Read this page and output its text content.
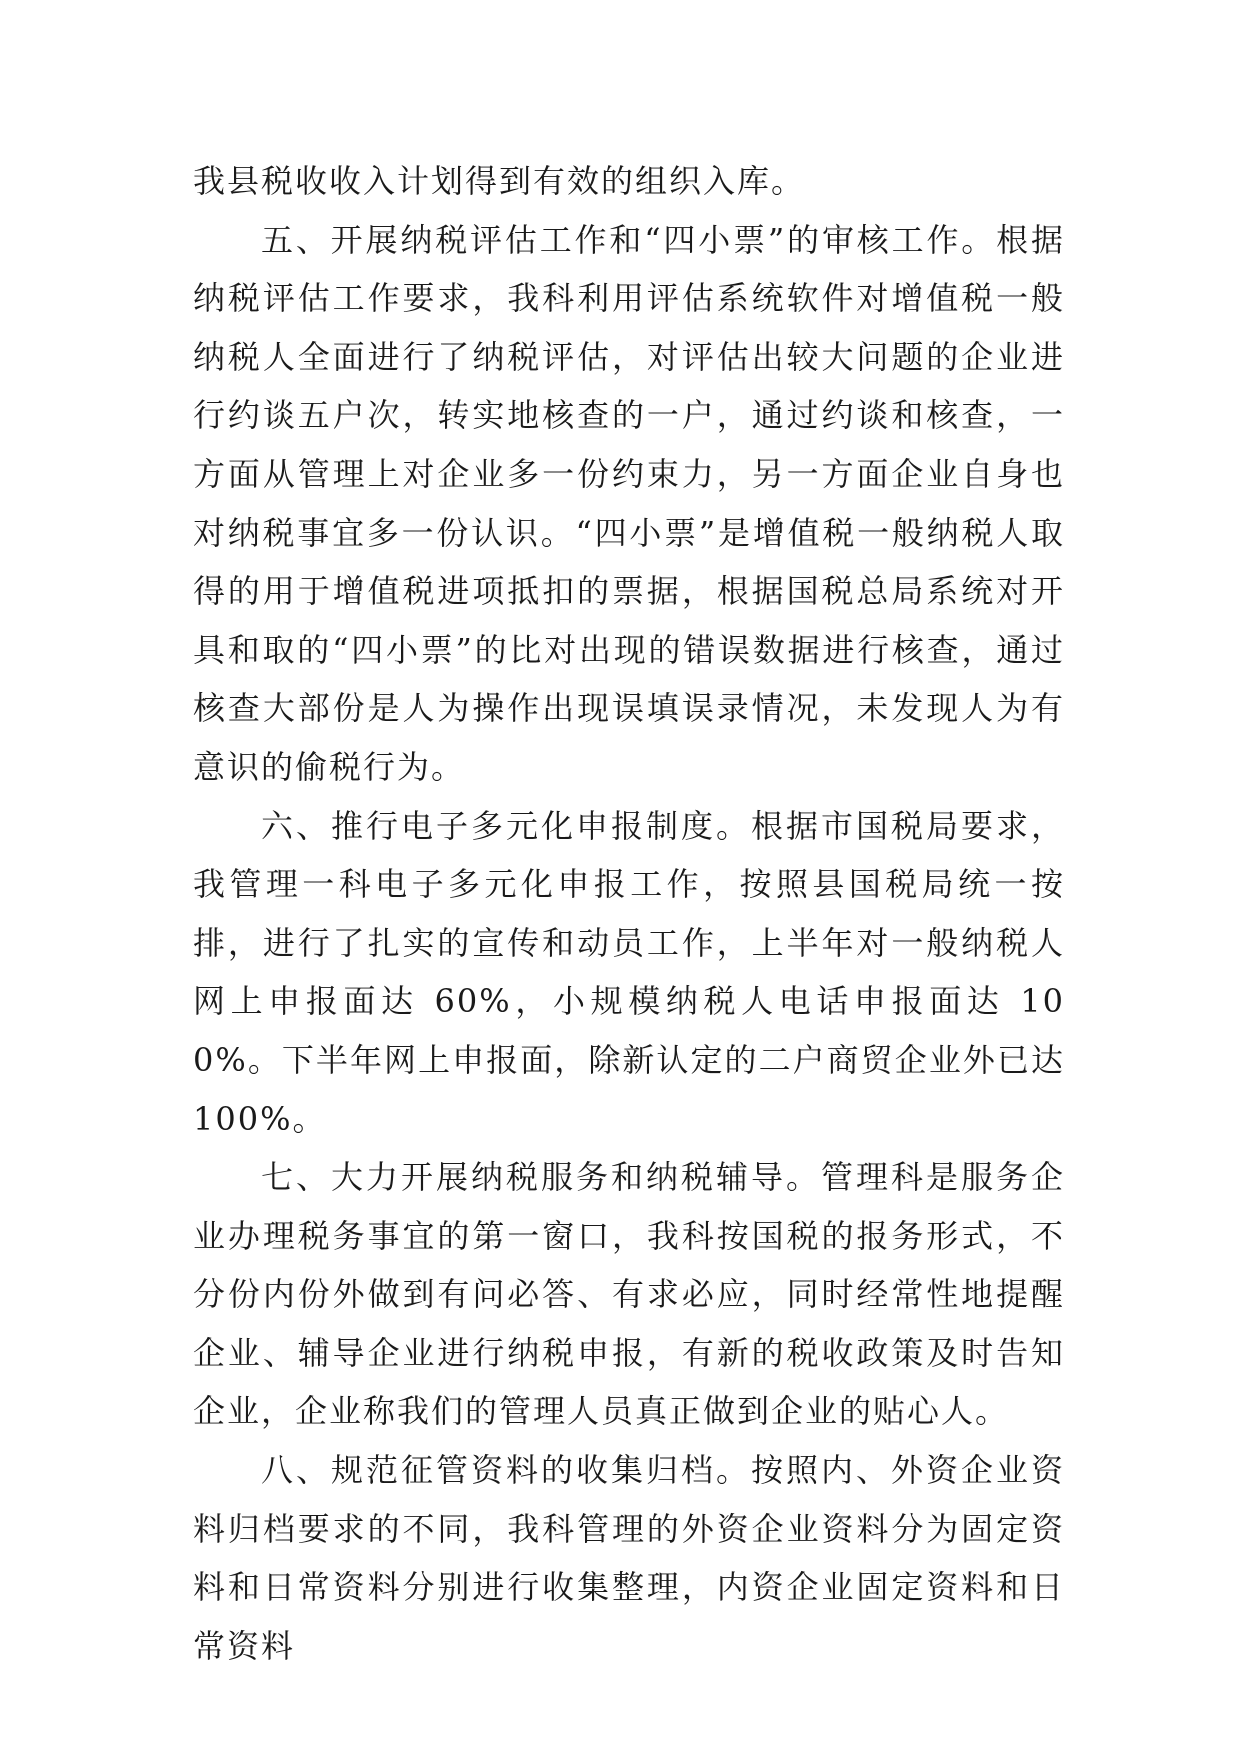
我县税收收入计划得到有效的组织入库。

五、开展纳税评估工作和“四小票”的审核工作。根据纳税评估工作要求，我科利用评估系统软件对增值税一般纳税人全面进行了纳税评估，对评估出较大问题的企业进行约谈五户次，转实地核查的一户，通过约谈和核查，一方面从管理上对企业多一份约束力，另一方面企业自身也对纳税事宜多一份认识。“四小票”是增值税一般纳税人取得的用于增值税进项抵扣的票据，根据国税总局系统对开具和取的“四小票”的比对出现的错误数据进行核查，通过核查大部份是人为操作出现误填误录情况，未发现人为有意识的偷税行为。

六、推行电子多元化申报制度。根据市国税局要求，我管理一科电子多元化申报工作，按照县国税局统一按排，进行了扎实的宣传和动员工作，上半年对一般纳税人网上申报面达 60%，小规模纳税人电话申报面达 100%。下半年网上申报面，除新认定的二户商贸企业外已达 100%。

七、大力开展纳税服务和纳税辅导。管理科是服务企业办理税务事宜的第一窗口，我科按国税的报务形式，不分份内份外做到有问必答、有求必应，同时经常性地提醒企业、辅导企业进行纳税申报，有新的税收政策及时告知企业，企业称我们的管理人员真正做到企业的贴心人。

八、规范征管资料的收集归档。按照内、外资企业资料归档要求的不同，我科管理的外资企业资料分为固定资料和日常资料分别进行收集整理，内资企业固定资料和日常资料
